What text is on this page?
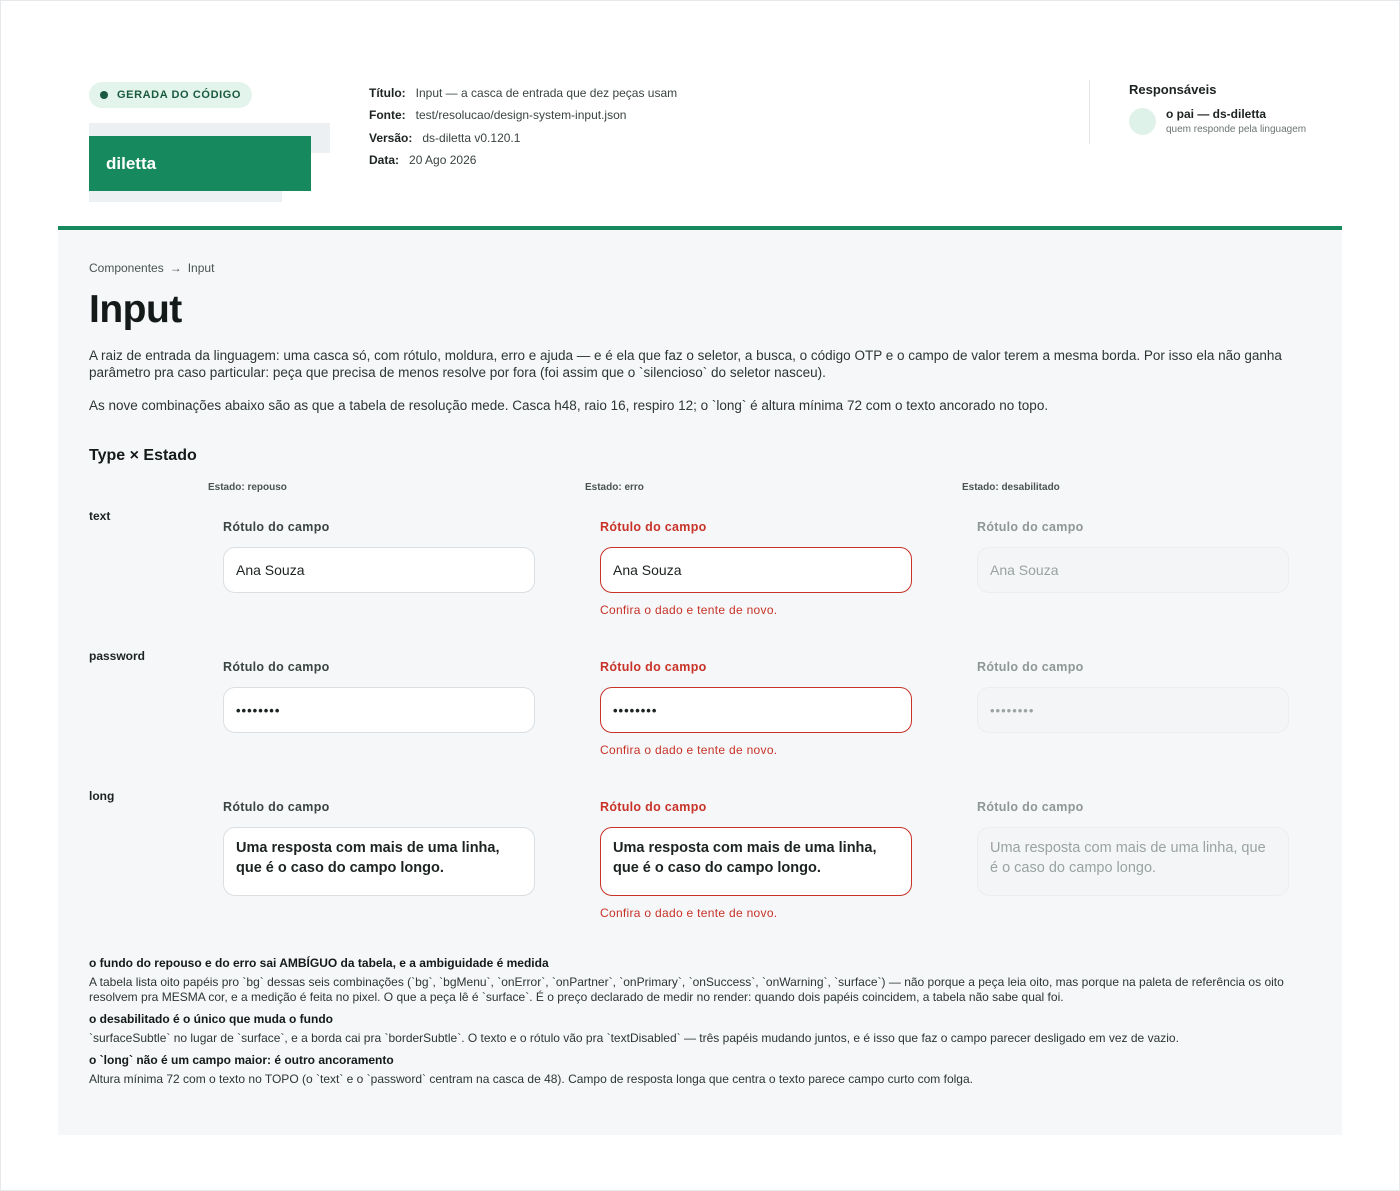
GERADA DO CÓDIGO
diletta
Título: Input — a casca de entrada que dez peças usam
Fonte: test/resolucao/design-system-input.json
Versão: ds-diletta v0.120.1
Data: 20 Ago 2026
Responsáveis
o pai — ds-diletta
quem responde pela linguagem
Componentes → Input
Input

A raiz de entrada da linguagem: uma casca só, com rótulo, moldura, erro e ajuda — e é ela que faz o seletor, a busca, o código OTP e o campo de valor terem a mesma borda. Por isso ela não ganha parâmetro pra caso particular: peça que precisa de menos resolve por fora (foi assim que o `silencioso` do seletor nasceu).

As nove combinações abaixo são as que a tabela de resolução mede. Casca h48, raio 16, respiro 12; o `long` é altura mínima 72 com o texto ancorado no topo.

Type × Estado
Estado: repouso	Estado: erro	Estado: desabilitado
text
password
long
Rótulo do campo
Ana Souza
Rótulo do campo
Ana Souza
Confira o dado e tente de novo.
Rótulo do campo
Ana Souza
Rótulo do campo
••••••••
Rótulo do campo
••••••••
Confira o dado e tente de novo.
Rótulo do campo
••••••••
Rótulo do campo
Uma resposta com mais de uma linha, que é o caso do campo longo.
Rótulo do campo
Uma resposta com mais de uma linha, que é o caso do campo longo.
Confira o dado e tente de novo.
Rótulo do campo
Uma resposta com mais de uma linha, que é o caso do campo longo.
o fundo do repouso e do erro sai AMBÍGUO da tabela, e a ambiguidade é medida
A tabela lista oito papéis pro `bg` dessas seis combinações (`bg`, `bgMenu`, `onError`, `onPartner`, `onPrimary`, `onSuccess`, `onWarning`, `surface`) — não porque a peça leia oito, mas porque na paleta de referência os oito resolvem pra MESMA cor, e a medição é feita no pixel. O que a peça lê é `surface`. É o preço declarado de medir no render: quando dois papéis coincidem, a tabela não sabe qual foi.
o desabilitado é o único que muda o fundo
`surfaceSubtle` no lugar de `surface`, e a borda cai pra `borderSubtle`. O texto e o rótulo vão pra `textDisabled` — três papéis mudando juntos, e é isso que faz o campo parecer desligado em vez de vazio.
o `long` não é um campo maior: é outro ancoramento
Altura mínima 72 com o texto no TOPO (o `text` e o `password` centram na casca de 48). Campo de resposta longa que centra o texto parece campo curto com folga.
